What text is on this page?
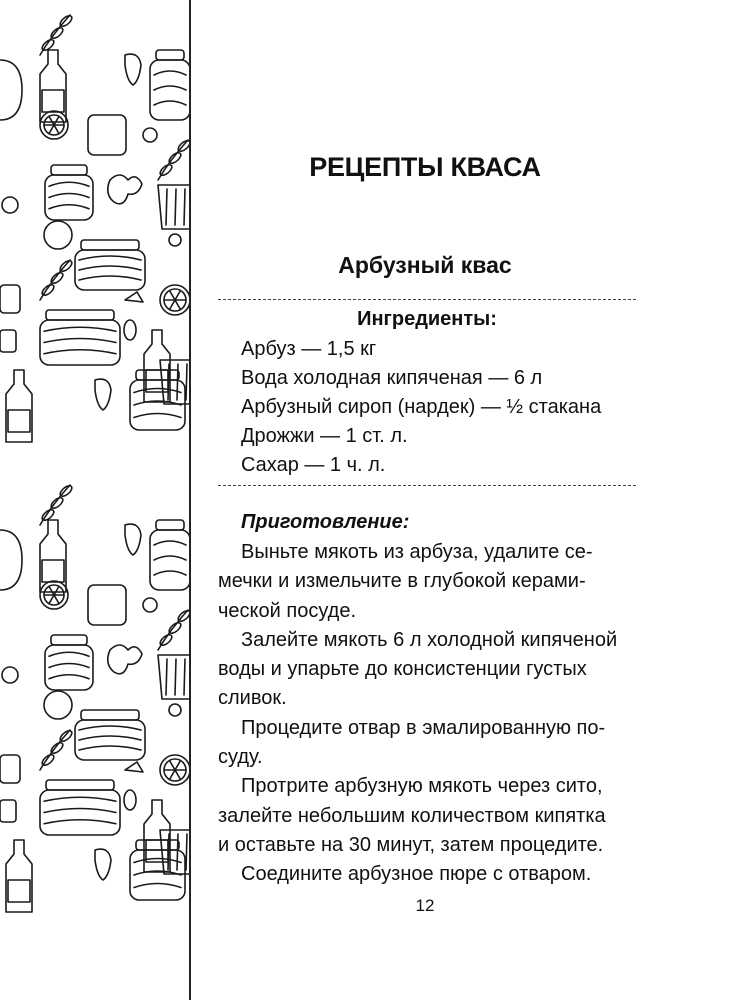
РЕЦЕПТЫ КВАСА
Арбузный квас
Ингредиенты:
Арбуз — 1,5 кг
Вода холодная кипяченая — 6 л
Арбузный сироп (нардек) — ½ стакана
Дрожжи — 1 ст. л.
Сахар — 1 ч. л.
Приготовление:

Выньте мякоть из арбуза, удалите се-
мечки и измельчите в глубокой керами-
ческой посуде.

Залейте мякоть 6 л холодной кипяченой
воды и упарьте до консистенции густых
сливок.

Процедите отвар в эмалированную по-
суду.

Протрите арбузную мякоть через сито,
залейте небольшим количеством кипятка
и оставьте на 30 минут, затем процедите.

Соедините арбузное пюре с отваром.

12
